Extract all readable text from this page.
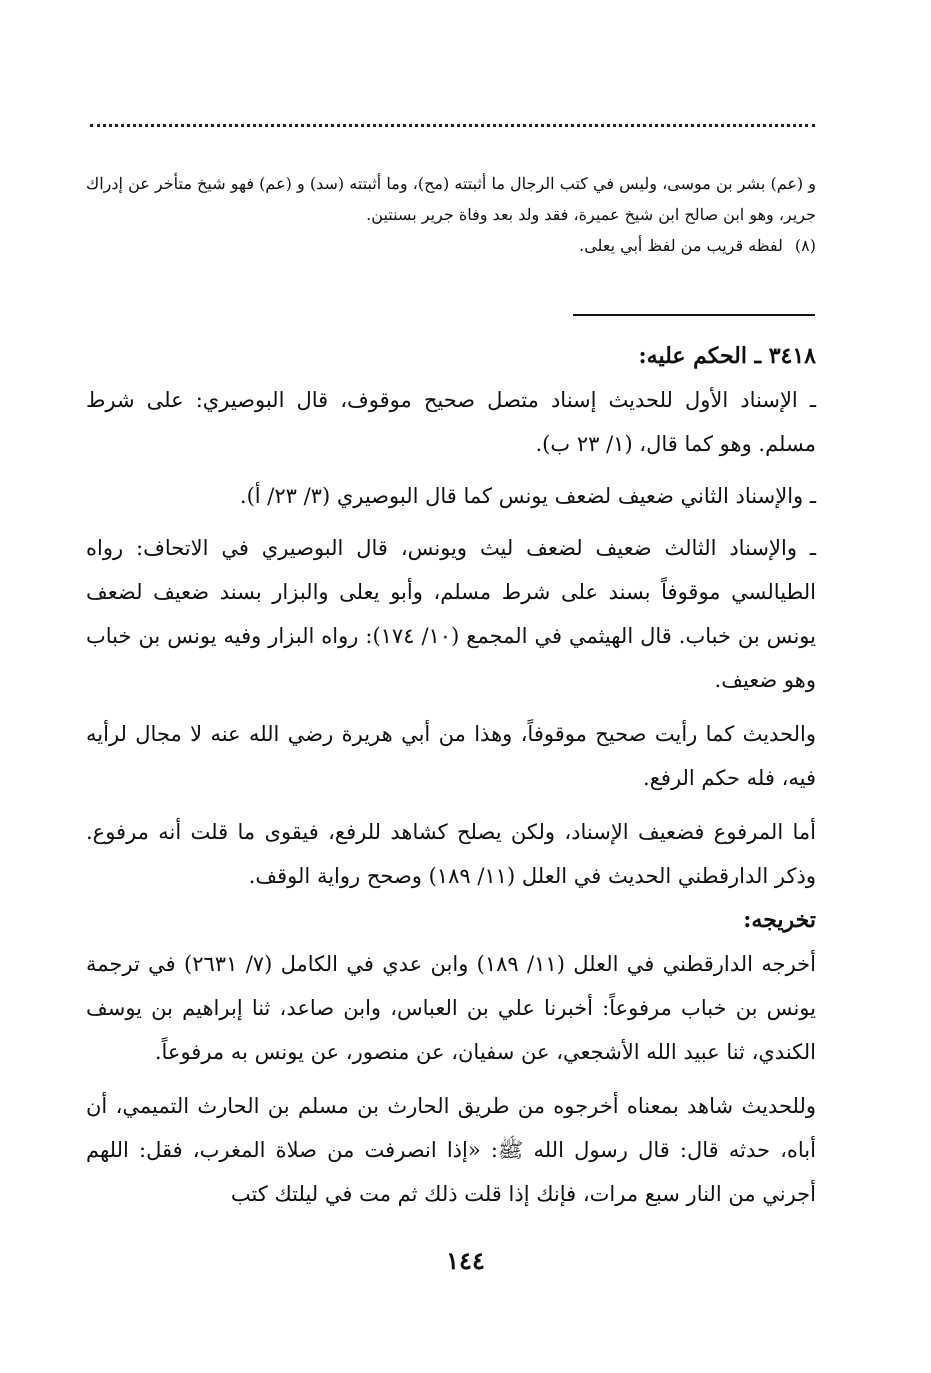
و (عم) بشر بن موسى، وليس في كتب الرجال ما أثبتته (مح)، وما أثبتته (سد) و (عم) فهو شيخ متأخر عن إدراك جرير، وهو ابن صالح ابن شيخ عميرة، فقد ولد بعد وفاة جرير بسنتين.

(٨)لفظه قريب من لفظ أبي يعلى.

٣٤١٨ ـ الحكم عليه:

ـ الإسناد الأول للحديث إسناد متصل صحيح موقوف، قال البوصيري: على شرط مسلم. وهو كما قال، (١/ ٢٣ ب).

ـ والإسناد الثاني ضعيف لضعف يونس كما قال البوصيري (٣/ ٢٣/ أ).

ـ والإسناد الثالث ضعيف لضعف ليث ويونس، قال البوصيري في الاتحاف: رواه الطيالسي موقوفاً بسند على شرط مسلم، وأبو يعلى والبزار بسند ضعيف لضعف يونس بن خباب. قال الهيثمي في المجمع (١٠/ ١٧٤): رواه البزار وفيه يونس بن خباب وهو ضعيف.

والحديث كما رأيت صحيح موقوفاً، وهذا من أبي هريرة رضي الله عنه لا مجال لرأيه فيه، فله حكم الرفع.

أما المرفوع فضعيف الإسناد، ولكن يصلح كشاهد للرفع، فيقوى ما قلت أنه مرفوع. وذكر الدارقطني الحديث في العلل (١١/ ١٨٩) وصحح رواية الوقف.

تخريجه:

أخرجه الدارقطني في العلل (١١/ ١٨٩) وابن عدي في الكامل (٧/ ٢٦٣١) في ترجمة يونس بن خباب مرفوعاً: أخبرنا علي بن العباس، وابن صاعد، ثنا إبراهيم بن يوسف الكندي، ثنا عبيد الله الأشجعي، عن سفيان، عن منصور، عن يونس به مرفوعاً.

وللحديث شاهد بمعناه أخرجوه من طريق الحارث بن مسلم بن الحارث التميمي، أن أباه، حدثه قال: قال رسول الله ﷺ: «إذا انصرفت من صلاة المغرب، فقل: اللهم أجرني من النار سبع مرات، فإنك إذا قلت ذلك ثم مت في ليلتك كتب

١٤٤
